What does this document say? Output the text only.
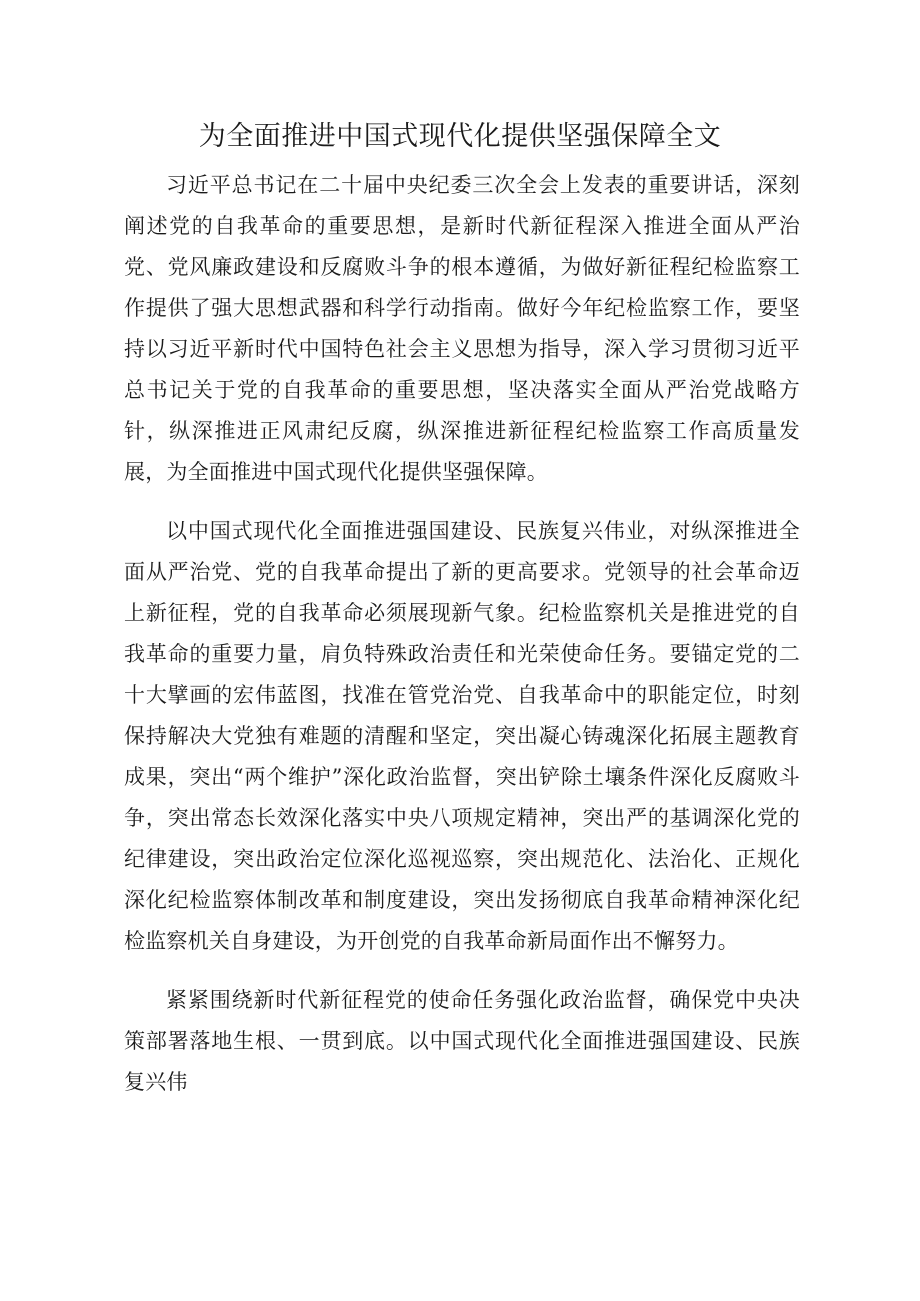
为全面推进中国式现代化提供坚强保障全文

习近平总书记在二十届中央纪委三次全会上发表的重要讲话，深刻阐述党的自我革命的重要思想，是新时代新征程深入推进全面从严治党、党风廉政建设和反腐败斗争的根本遵循，为做好新征程纪检监察工作提供了强大思想武器和科学行动指南。做好今年纪检监察工作，要坚持以习近平新时代中国特色社会主义思想为指导，深入学习贯彻习近平总书记关于党的自我革命的重要思想，坚决落实全面从严治党战略方针，纵深推进正风肃纪反腐，纵深推进新征程纪检监察工作高质量发展，为全面推进中国式现代化提供坚强保障。

以中国式现代化全面推进强国建设、民族复兴伟业，对纵深推进全面从严治党、党的自我革命提出了新的更高要求。党领导的社会革命迈上新征程，党的自我革命必须展现新气象。纪检监察机关是推进党的自我革命的重要力量，肩负特殊政治责任和光荣使命任务。要锚定党的二十大擘画的宏伟蓝图，找准在管党治党、自我革命中的职能定位，时刻保持解决大党独有难题的清醒和坚定，突出凝心铸魂深化拓展主题教育成果，突出“两个维护”深化政治监督，突出铲除土壤条件深化反腐败斗争，突出常态长效深化落实中央八项规定精神，突出严的基调深化党的纪律建设，突出政治定位深化巡视巡察，突出规范化、法治化、正规化深化纪检监察体制改革和制度建设，突出发扬彻底自我革命精神深化纪检监察机关自身建设，为开创党的自我革命新局面作出不懈努力。

紧紧围绕新时代新征程党的使命任务强化政治监督，确保党中央决策部署落地生根、一贯到底。以中国式现代化全面推进强国建设、民族复兴伟
